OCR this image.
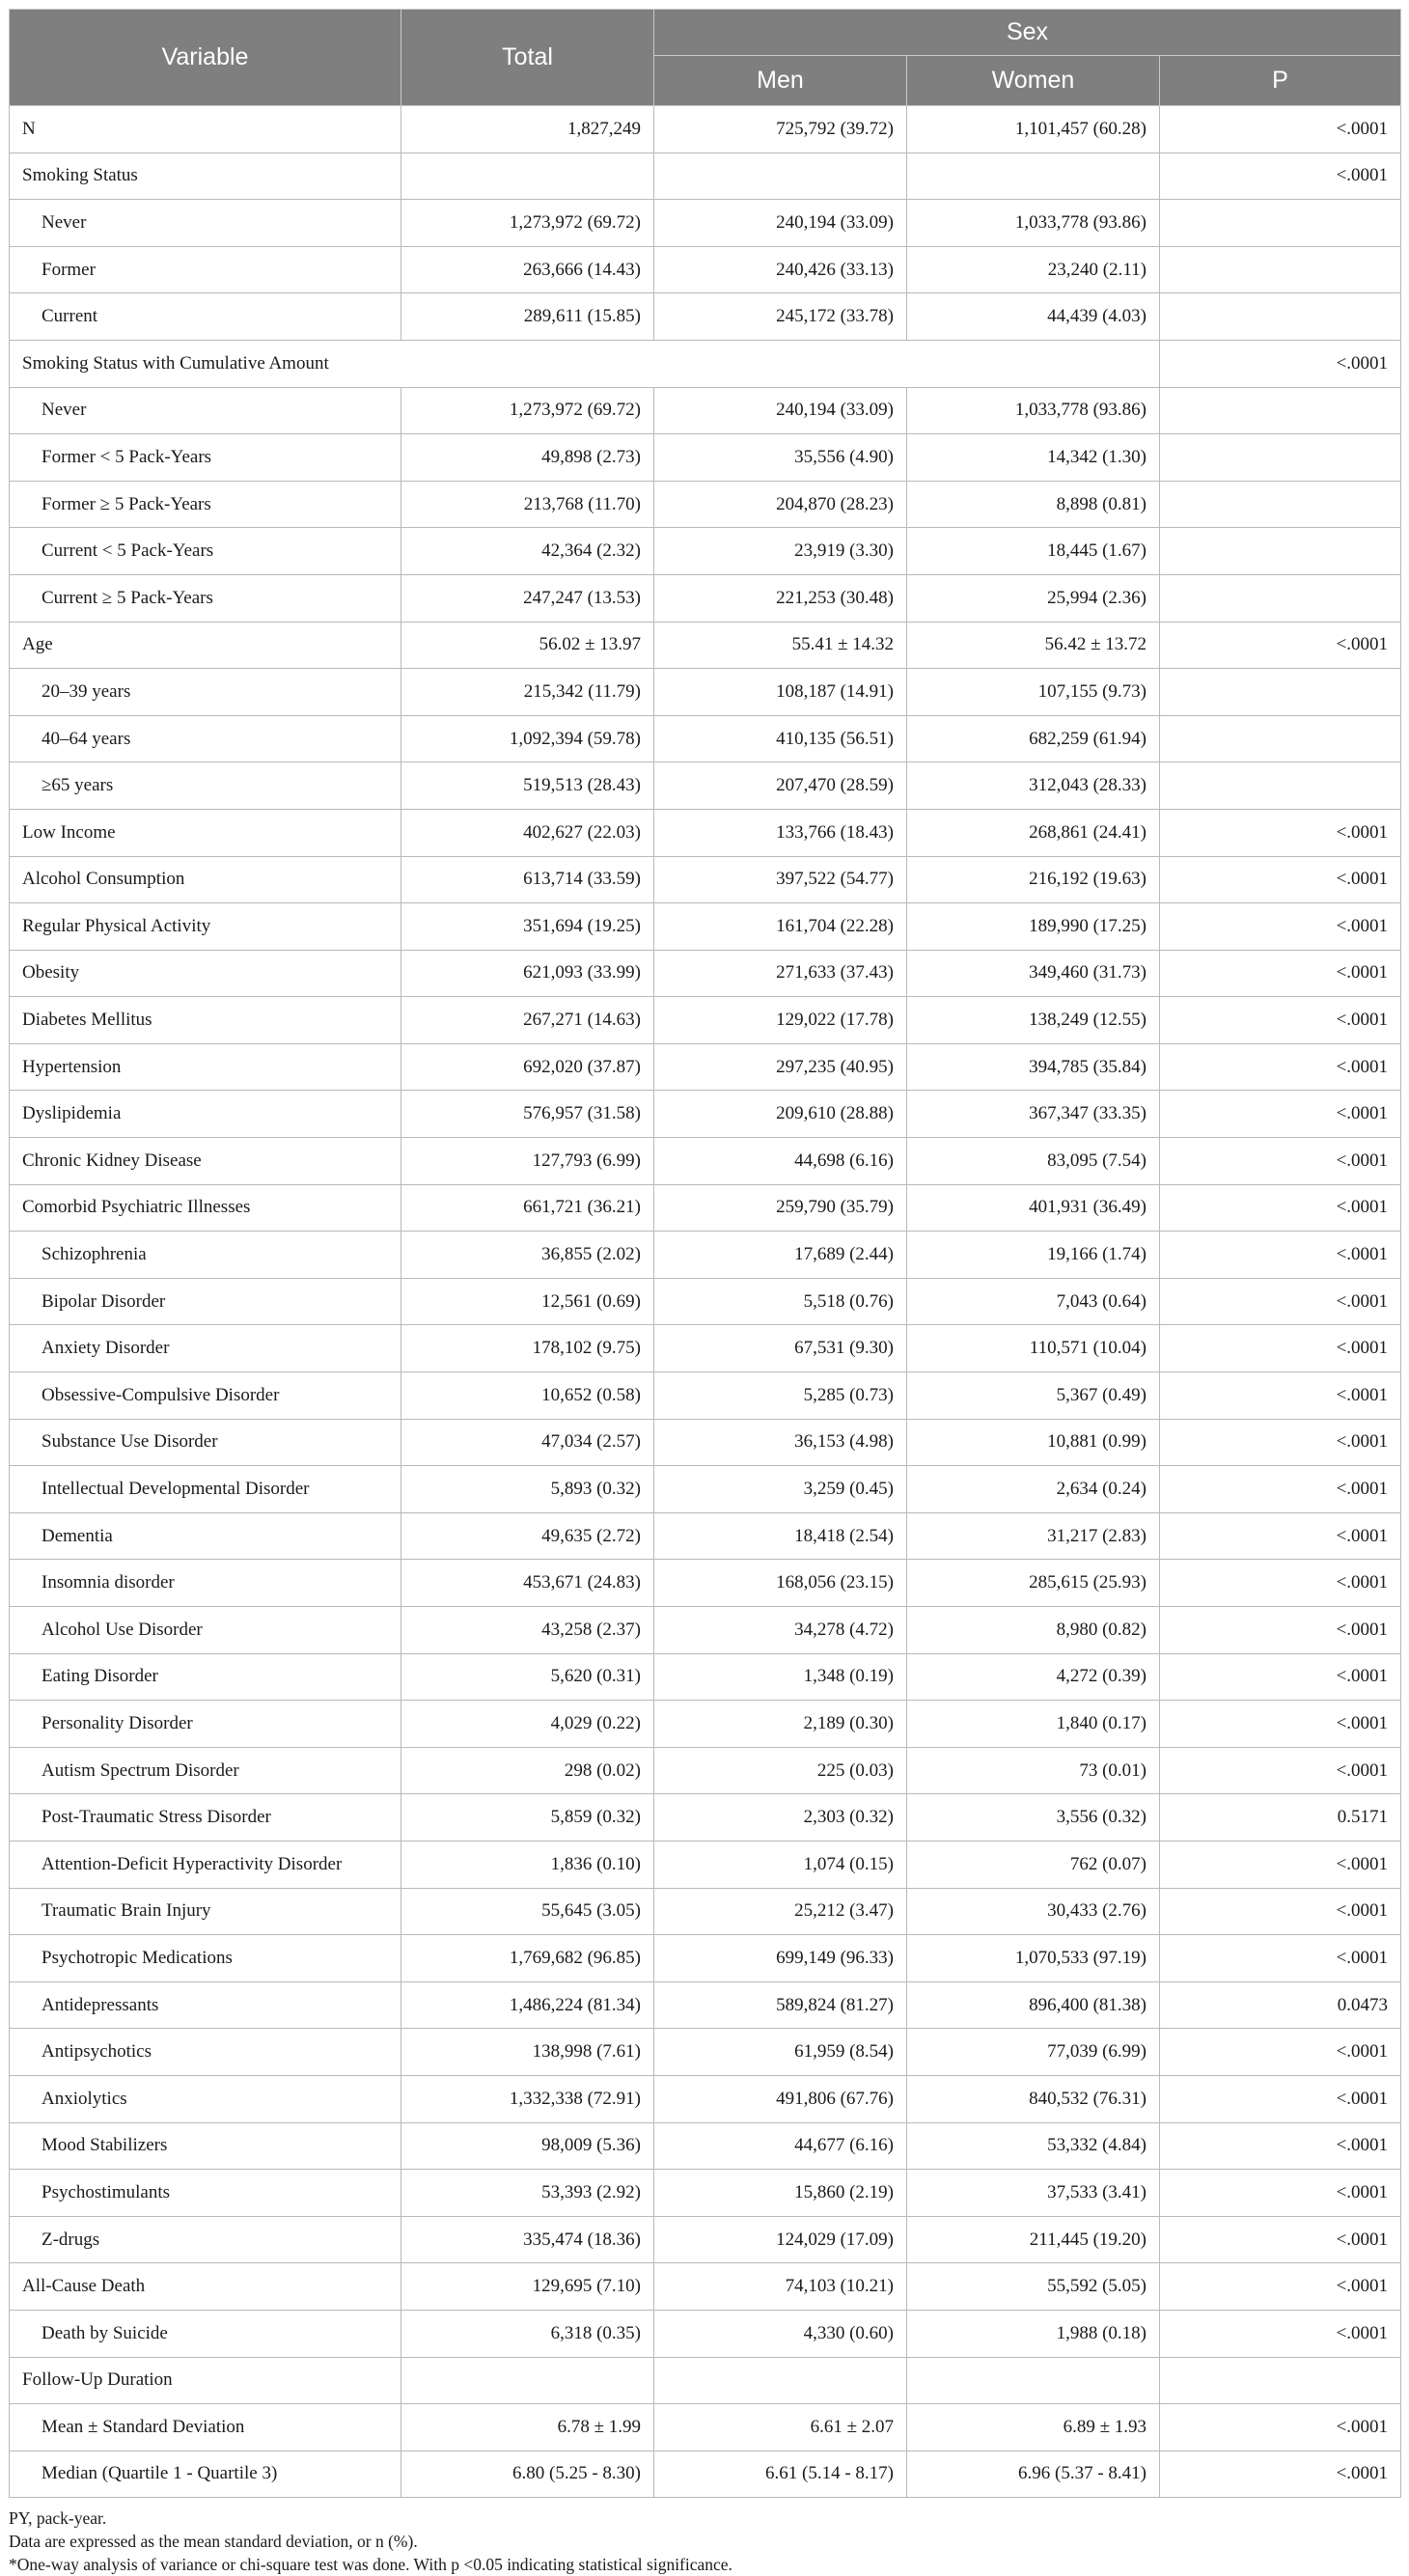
Variable	Total	Sex		
		Men	Women	P
N	1,827,249	725,792 (39.72)	1,101,457 (60.28)	<.0001
Smoking Status				<.0001
Never	1,273,972 (69.72)	240,194 (33.09)	1,033,778 (93.86)	
Former	263,666 (14.43)	240,426 (33.13)	23,240 (2.11)	
Current	289,611 (15.85)	245,172 (33.78)	44,439 (4.03)	
Smoking Status with Cumulative Amount				<.0001
Never	1,273,972 (69.72)	240,194 (33.09)	1,033,778 (93.86)	
Former < 5 Pack-Years	49,898 (2.73)	35,556 (4.90)	14,342 (1.30)	
Former ≥ 5 Pack-Years	213,768 (11.70)	204,870 (28.23)	8,898 (0.81)	
Current < 5 Pack-Years	42,364 (2.32)	23,919 (3.30)	18,445 (1.67)	
Current ≥ 5 Pack-Years	247,247 (13.53)	221,253 (30.48)	25,994 (2.36)	
Age	56.02 ± 13.97	55.41 ± 14.32	56.42 ± 13.72	<.0001
20–39 years	215,342 (11.79)	108,187 (14.91)	107,155 (9.73)	
40–64 years	1,092,394 (59.78)	410,135 (56.51)	682,259 (61.94)	
≥65 years	519,513 (28.43)	207,470 (28.59)	312,043 (28.33)	
Low Income	402,627 (22.03)	133,766 (18.43)	268,861 (24.41)	<.0001
Alcohol Consumption	613,714 (33.59)	397,522 (54.77)	216,192 (19.63)	<.0001
Regular Physical Activity	351,694 (19.25)	161,704 (22.28)	189,990 (17.25)	<.0001
Obesity	621,093 (33.99)	271,633 (37.43)	349,460 (31.73)	<.0001
Diabetes Mellitus	267,271 (14.63)	129,022 (17.78)	138,249 (12.55)	<.0001
Hypertension	692,020 (37.87)	297,235 (40.95)	394,785 (35.84)	<.0001
Dyslipidemia	576,957 (31.58)	209,610 (28.88)	367,347 (33.35)	<.0001
Chronic Kidney Disease	127,793 (6.99)	44,698 (6.16)	83,095 (7.54)	<.0001
Comorbid Psychiatric Illnesses	661,721 (36.21)	259,790 (35.79)	401,931 (36.49)	<.0001
Schizophrenia	36,855 (2.02)	17,689 (2.44)	19,166 (1.74)	<.0001
Bipolar Disorder	12,561 (0.69)	5,518 (0.76)	7,043 (0.64)	<.0001
Anxiety Disorder	178,102 (9.75)	67,531 (9.30)	110,571 (10.04)	<.0001
Obsessive-Compulsive Disorder	10,652 (0.58)	5,285 (0.73)	5,367 (0.49)	<.0001
Substance Use Disorder	47,034 (2.57)	36,153 (4.98)	10,881 (0.99)	<.0001
Intellectual Developmental Disorder	5,893 (0.32)	3,259 (0.45)	2,634 (0.24)	<.0001
Dementia	49,635 (2.72)	18,418 (2.54)	31,217 (2.83)	<.0001
Insomnia disorder	453,671 (24.83)	168,056 (23.15)	285,615 (25.93)	<.0001
Alcohol Use Disorder	43,258 (2.37)	34,278 (4.72)	8,980 (0.82)	<.0001
Eating Disorder	5,620 (0.31)	1,348 (0.19)	4,272 (0.39)	<.0001
Personality Disorder	4,029 (0.22)	2,189 (0.30)	1,840 (0.17)	<.0001
Autism Spectrum Disorder	298 (0.02)	225 (0.03)	73 (0.01)	<.0001
Post-Traumatic Stress Disorder	5,859 (0.32)	2,303 (0.32)	3,556 (0.32)	0.5171
Attention-Deficit Hyperactivity Disorder	1,836 (0.10)	1,074 (0.15)	762 (0.07)	<.0001
Traumatic Brain Injury	55,645 (3.05)	25,212 (3.47)	30,433 (2.76)	<.0001
Psychotropic Medications	1,769,682 (96.85)	699,149 (96.33)	1,070,533 (97.19)	<.0001
Antidepressants	1,486,224 (81.34)	589,824 (81.27)	896,400 (81.38)	0.0473
Antipsychotics	138,998 (7.61)	61,959 (8.54)	77,039 (6.99)	<.0001
Anxiolytics	1,332,338 (72.91)	491,806 (67.76)	840,532 (76.31)	<.0001
Mood Stabilizers	98,009 (5.36)	44,677 (6.16)	53,332 (4.84)	<.0001
Psychostimulants	53,393 (2.92)	15,860 (2.19)	37,533 (3.41)	<.0001
Z-drugs	335,474 (18.36)	124,029 (17.09)	211,445 (19.20)	<.0001
All-Cause Death	129,695 (7.10)	74,103 (10.21)	55,592 (5.05)	<.0001
Death by Suicide	6,318 (0.35)	4,330 (0.60)	1,988 (0.18)	<.0001
Follow-Up Duration				
Mean ± Standard Deviation	6.78 ± 1.99	6.61 ± 2.07	6.89 ± 1.93	<.0001
Median (Quartile 1 - Quartile 3)	6.80 (5.25 - 8.30)	6.61 (5.14 - 8.17)	6.96 (5.37 - 8.41)	<.0001
PY, pack-year.
Data are expressed as the mean standard deviation, or n (%).
*One-way analysis of variance or chi-square test was done. With p <0.05 indicating statistical significance.
